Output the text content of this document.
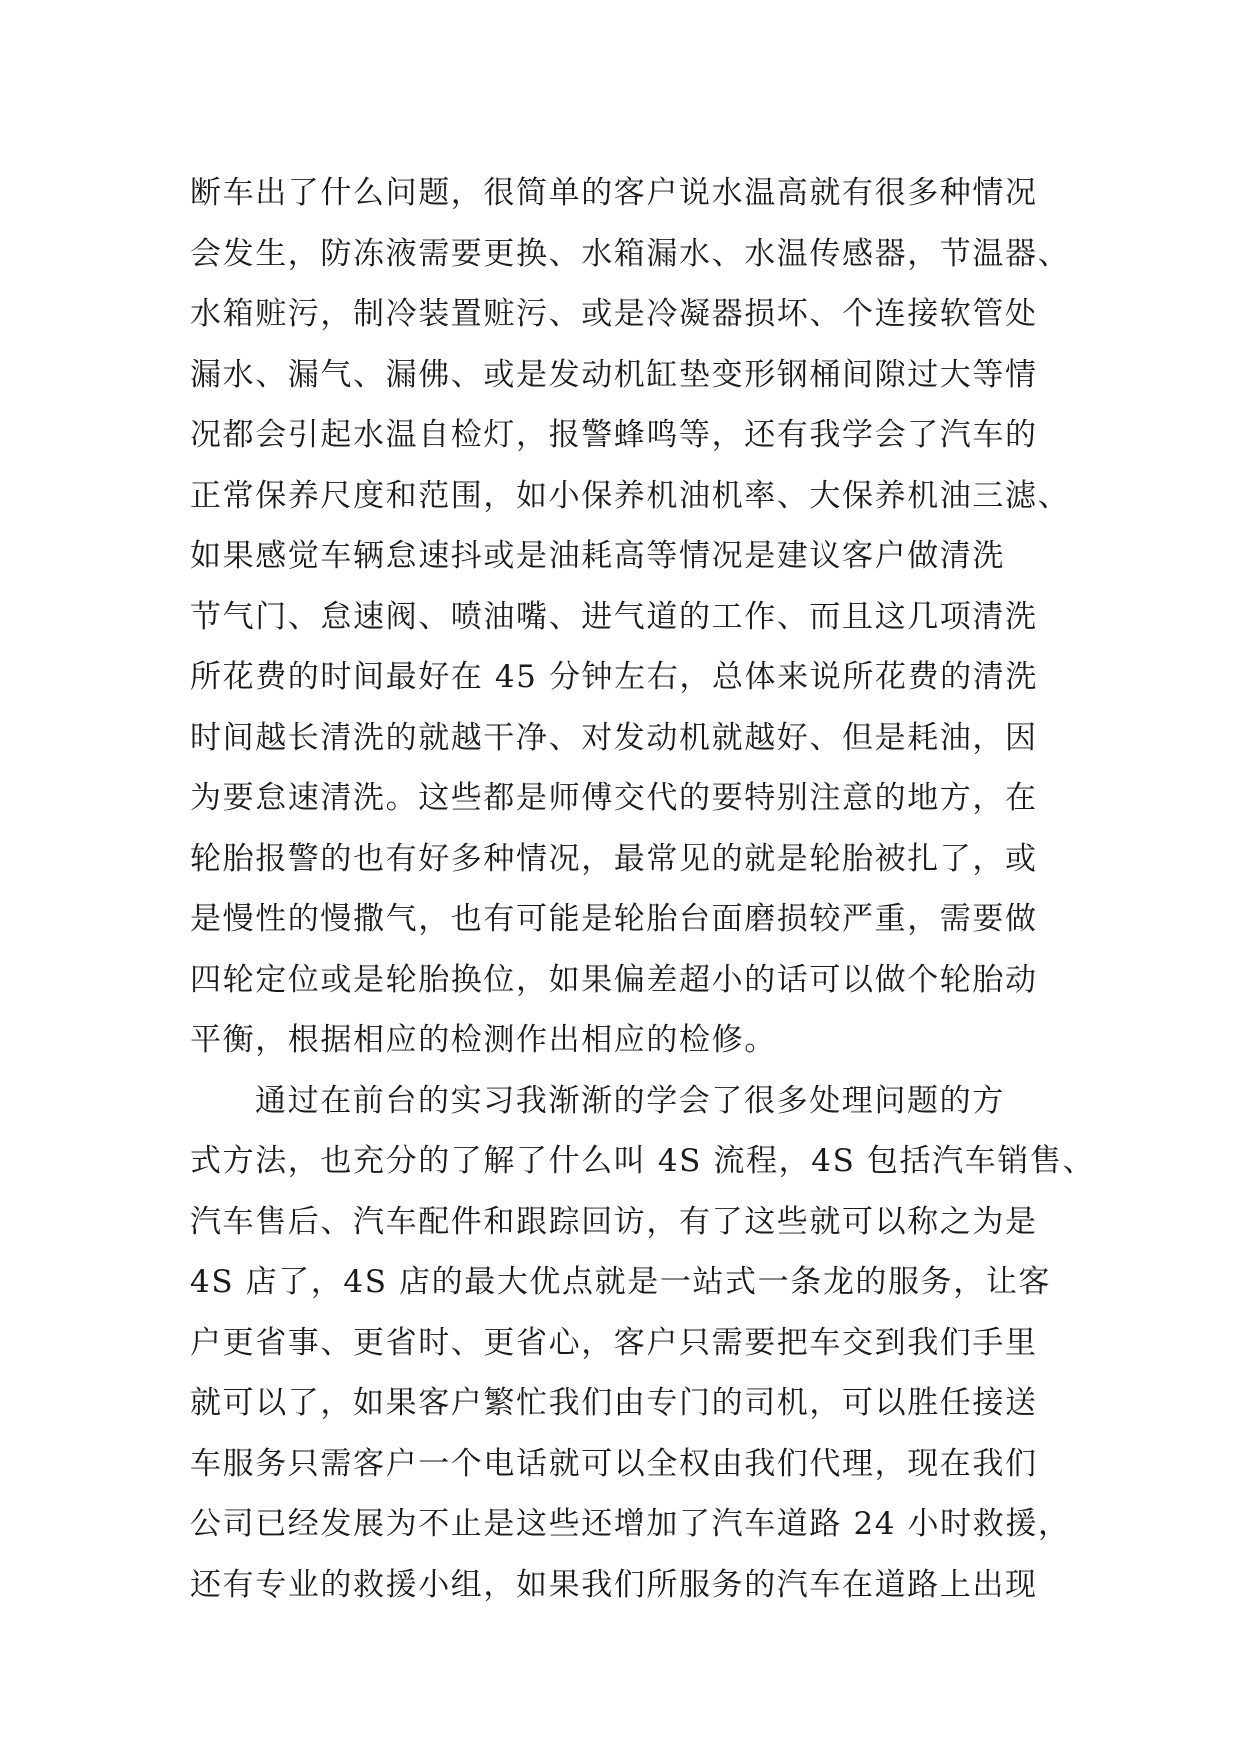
断车出了什么问题，很简单的客户说水温高就有很多种情况
会发生，防冻液需要更换、水箱漏水、水温传感器，节温器、
水箱赃污，制冷装置赃污、或是冷凝器损坏、个连接软管处
漏水、漏气、漏佛、或是发动机缸垫变形钢桶间隙过大等情
况都会引起水温自检灯，报警蜂鸣等，还有我学会了汽车的
正常保养尺度和范围，如小保养机油机率、大保养机油三滤、
如果感觉车辆怠速抖或是油耗高等情况是建议客户做清洗
节气门、怠速阀、喷油嘴、进气道的工作、而且这几项清洗
所花费的时间最好在 45 分钟左右，总体来说所花费的清洗
时间越长清洗的就越干净、对发动机就越好、但是耗油，因
为要怠速清洗。这些都是师傅交代的要特别注意的地方，在
轮胎报警的也有好多种情况，最常见的就是轮胎被扎了，或
是慢性的慢撒气，也有可能是轮胎台面磨损较严重，需要做
四轮定位或是轮胎换位，如果偏差超小的话可以做个轮胎动
平衡，根据相应的检测作出相应的检修。
通过在前台的实习我渐渐的学会了很多处理问题的方
式方法，也充分的了解了什么叫 4S 流程，4S 包括汽车销售、
汽车售后、汽车配件和跟踪回访，有了这些就可以称之为是
4S 店了，4S 店的最大优点就是一站式一条龙的服务，让客
户更省事、更省时、更省心，客户只需要把车交到我们手里
就可以了，如果客户繁忙我们由专门的司机，可以胜任接送
车服务只需客户一个电话就可以全权由我们代理，现在我们
公司已经发展为不止是这些还增加了汽车道路 24 小时救援，
还有专业的救援小组，如果我们所服务的汽车在道路上出现
